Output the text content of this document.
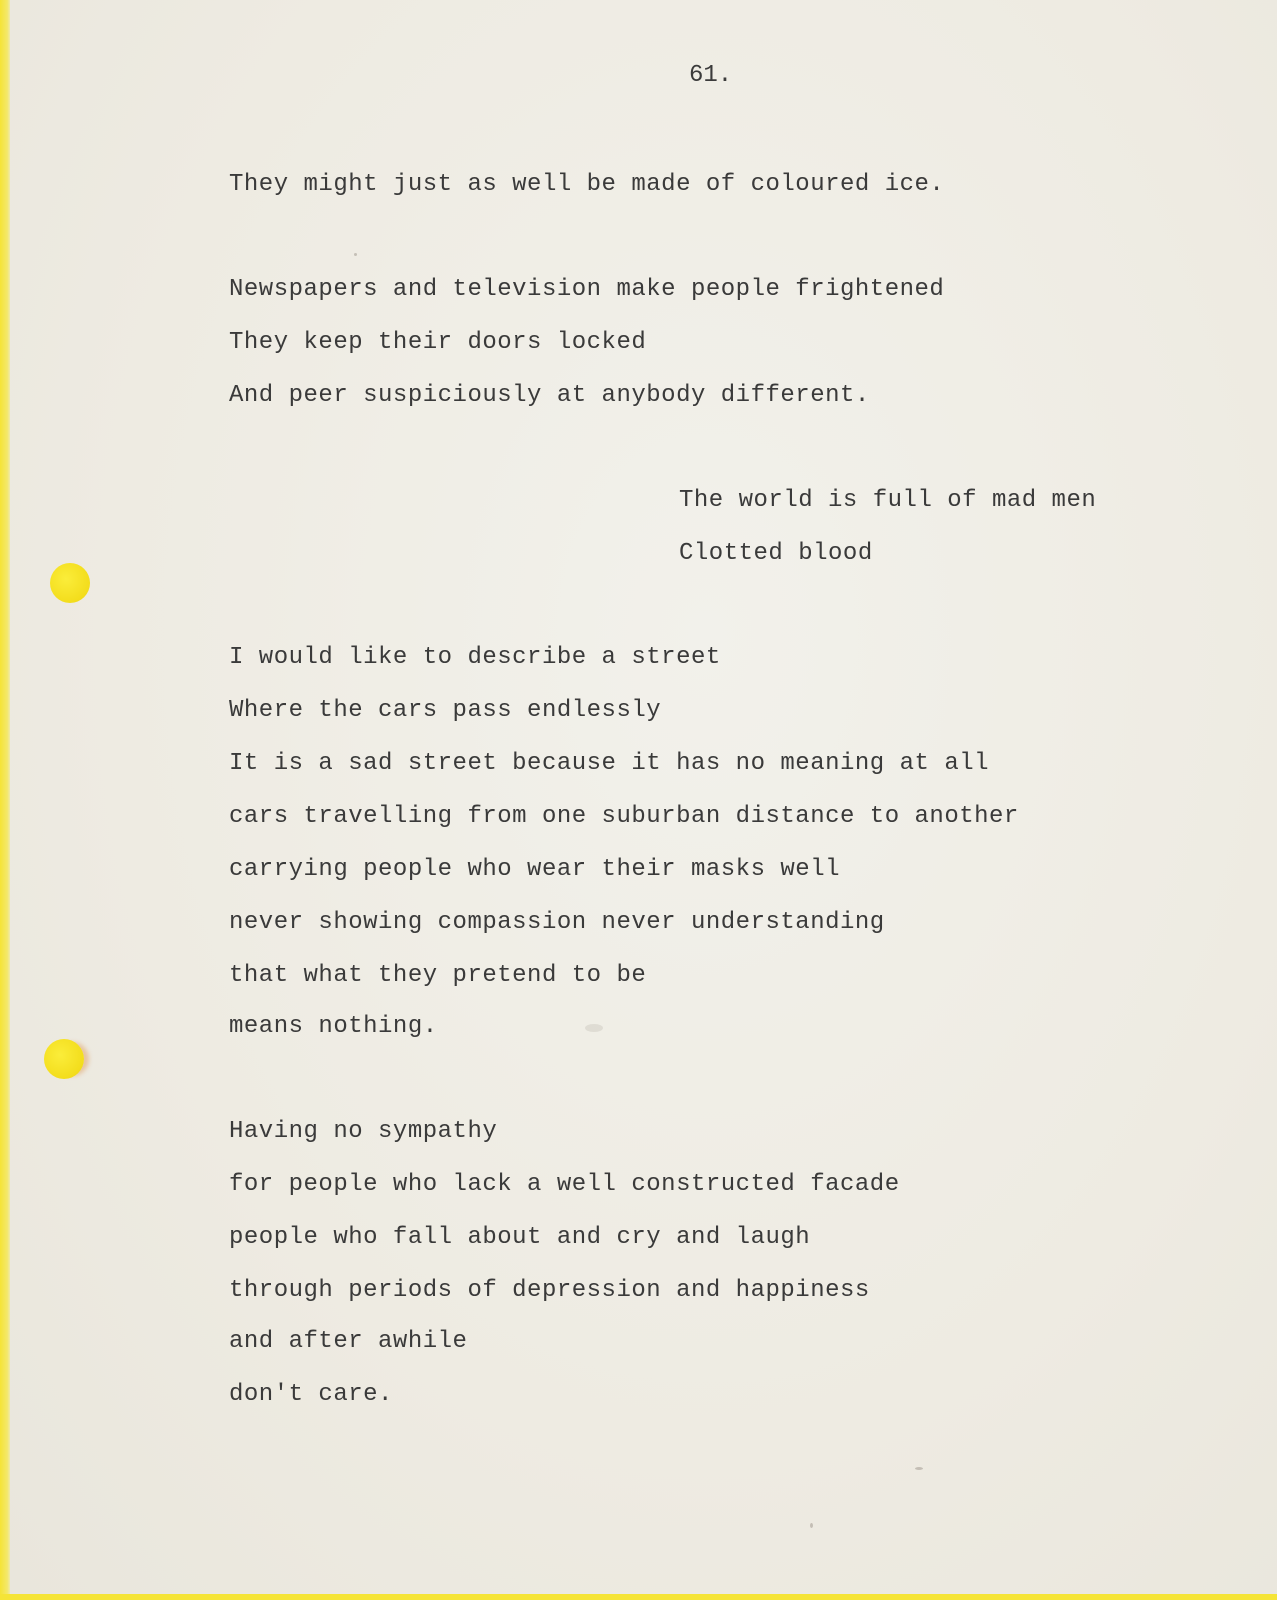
61.
They might just as well be made of coloured ice.
Newspapers and television make people frightened
They keep their doors locked
And peer suspiciously at anybody different.
The world is full of mad men
Clotted blood
I would like to describe a street
Where the cars pass endlessly
It is a sad street because it has no meaning at all
cars travelling from one suburban distance to another
carrying people who wear their masks well
never showing compassion never understanding
that what they pretend to be
means nothing.
Having no sympathy
for people who lack a well constructed facade
people who fall about and cry and laugh
through periods of depression and happiness
and after awhile
don't care.
